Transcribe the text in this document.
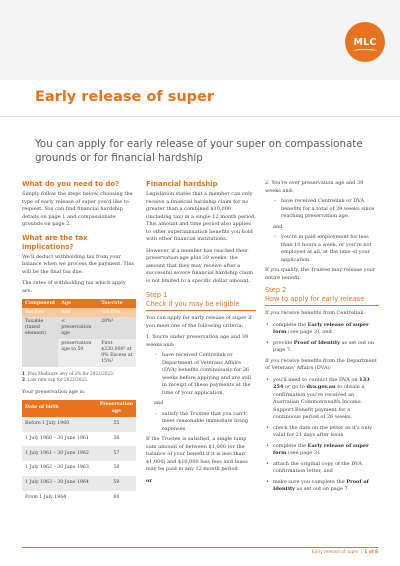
MLC
Early release of super
You can apply for early release of your super on compassionate grounds or for financial hardship
What do you need to do?

Simply follow the steps below, choosing the type of early release of super you'd like to request. You can find financial hardship details on page 1 and compassionate grounds on page 2.

What are the tax implications?

We'll deduct withholding tax from your balance when we process the payment. This will be the final tax due.

The rates of withholding tax which apply are:

Component	Age	Tax-rate
Tax free	Any	Tax free
Taxable (taxed element)	< preservation age	20%¹
	preservation age to 59	First $230,000² at 0% Excess at 15%¹
1 Plus Medicare levy of 2% for 2022/2023.
2 Low rate cap for 2022/2023.

Your preservation age is:

Date of birth	Preservation age
Before 1 July 1960	55
1 July 1960 – 30 June 1961	56
1 July 1961 – 30 June 1962	57
1 July 1962 – 30 June 1963	58
1 July 1963 – 30 June 1964	59
From 1 July 1964	60
Financial hardship

Legislation states that a member can only receive a financial hardship claim for no greater than a combined $10,000 (including tax) in a single 12 month period. This amount and time period also applies to other superannuation benefits you hold with other financial institutions.

However, if a member has reached their preservation age plus 39 weeks, the amount that they may receive after a successful severe financial hardship claim is not limited to a specific dollar amount.

Step 1
Check if you may be eligible

You can apply for early release of super if you meet one of the following criteria:

1. You're under preservation age and 39 weeks and:

– have received Centrelink or Department of Veterans Affairs (DVA) benefits continuously for 26 weeks before applying and are still in receipt of these payments at the time of your application,

and

– satisfy the Trustee that you can't meet reasonable immediate living expenses.

If the Trustee is satisfied, a single lump sum amount of between $1,000 (or the balance of your benefit if it is less than $1,000) and $10,000 less fees and taxes may be paid in any 12-month period.

or

2. You're over preservation age and 39 weeks and:

– have received Centrelink or DVA benefits for a total of 39 weeks since reaching preservation age,

and

– you're in paid employment for less than 10 hours a week, or you're not employed at all, at the time of your application.

If you qualify, the Trustee may release your entire benefit.

Step 2
How to apply for early release

If you receive benefits from Centrelink:

• complete the Early release of super form (see page 3), and
• provide Proof of Identity as set out on page 7.

If you receive benefits from the Department of Veterans' Affairs (DVA):

• you'll need to contact the DVA on 133 254 or go to dva.gov.au to obtain a confirmation you've received an Australian Commonwealth Income Support Benefit payment for a continuous period of 26 weeks.
• check the date on the letter as it's only valid for 21 days after issue
• complete the Early release of super form (see page 3).
• attach the original copy of the DVA confirmation letter, and
• make sure you complete the Proof of Identity as set out on page 7.
Early release of super | 1 of 8
